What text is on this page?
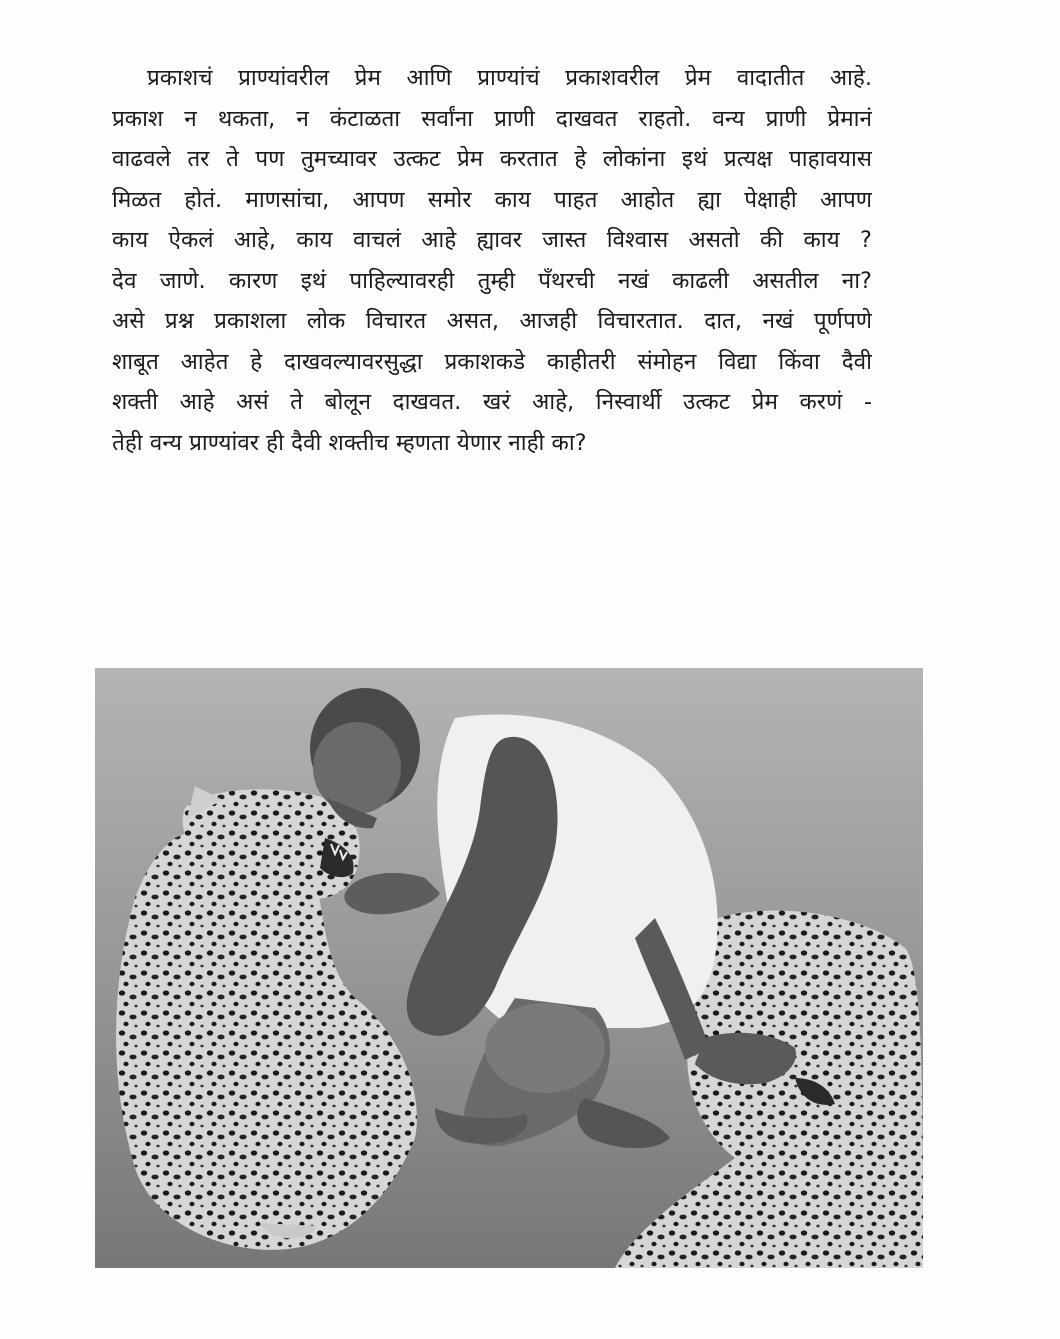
प्रकाशचं प्राण्यांवरील प्रेम आणि प्राण्यांचं प्रकाशवरील प्रेम वादातीत आहे.
प्रकाश न थकता, न कंटाळता सर्वांना प्राणी दाखवत राहतो. वन्य प्राणी प्रेमानं
वाढवले तर ते पण तुमच्यावर उत्कट प्रेम करतात हे लोकांना इथं प्रत्यक्ष पाहावयास
मिळत होतं. माणसांचा, आपण समोर काय पाहत आहोत ह्या पेक्षाही आपण
काय ऐकलं आहे, काय वाचलं आहे ह्यावर जास्त विश्वास असतो की काय ?
देव जाणे. कारण इथं पाहिल्यावरही तुम्ही पँथरची नखं काढली असतील ना?
असे प्रश्न प्रकाशला लोक विचारत असत, आजही विचारतात. दात, नखं पूर्णपणे
शाबूत आहेत हे दाखवल्यावरसुद्धा प्रकाशकडे काहीतरी संमोहन विद्या किंवा दैवी
शक्ती आहे असं ते बोलून दाखवत. खरं आहे, निस्वार्थी उत्कट प्रेम करणं -
तेही वन्य प्राण्यांवर ही दैवी शक्तीच म्हणता येणार नाही का?
